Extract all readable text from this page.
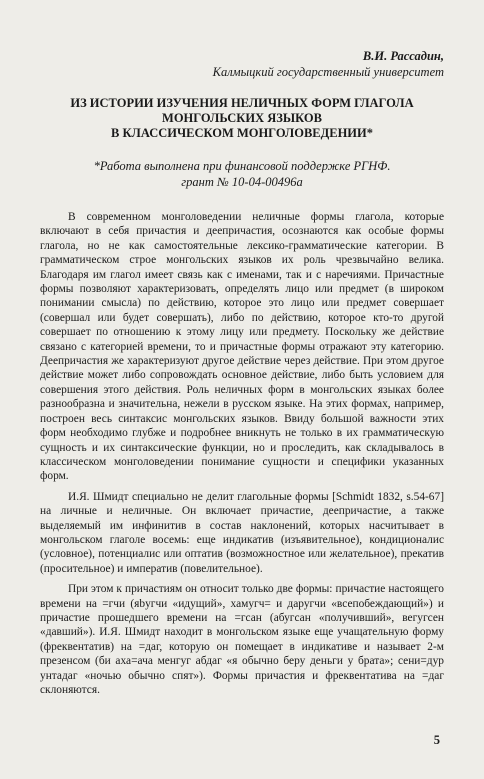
В.И. Рассадин,
Калмыцкий государственный университет
ИЗ ИСТОРИИ ИЗУЧЕНИЯ НЕЛИЧНЫХ ФОРМ ГЛАГОЛА
МОНГОЛЬСКИХ ЯЗЫКОВ
В КЛАССИЧЕСКОМ МОНГОЛОВЕДЕНИИ*
*Работа выполнена при финансовой поддержке РГНФ.
грант № 10-04-00496а

В современном монголоведении неличные формы глагола, которые включают в себя причастия и деепричастия, осознаются как особые формы глагола, но не как самостоятельные лексико-грамматические категории. В грамматическом строе монгольских языков их роль чрезвычайно велика. Благодаря им глагол имеет связь как с именами, так и с наречиями. Причастные формы позволяют характеризовать, определять лицо или предмет (в широком понимании смысла) по действию, которое это лицо или предмет совершает (совершал или будет совершать), либо по действию, которое кто-то другой совершает по отношению к этому лицу или предмету. Поскольку же действие связано с категорией времени, то и причастные формы отражают эту категорию. Деепричастия же характеризуют другое действие через действие. При этом другое действие может либо сопровождать основное действие, либо быть условием для совершения этого действия. Роль неличных форм в монгольских языках более разнообразна и значительна, нежели в русском языке. На этих формах, например, построен весь синтаксис монгольских языков. Ввиду большой важности этих форм необходимо глубже и подробнее вникнуть не только в их грамматическую сущность и их синтаксические функции, но и проследить, как складывалось в классическом монголоведении понимание сущности и специфики указанных форм.

И.Я. Шмидт специально не делит глагольные формы [Schmidt 1832, s.54-67] на личные и неличные. Он включает причастие, деепричастие, а также выделяемый им инфинитив в состав наклонений, которых насчитывает в монгольском глаголе восемь: еще индикатив (изъявительное), кондиционалис (условное), потенциалис или оптатив (возможностное или желательное), прекатив (просительное) и императив (повелительное).

При этом к причастиям он относит только две формы: причастие настоящего времени на =гчи (яbугчи «идущий», хамугч= и даругчи «всепобеждающий») и причастие прошедшего времени на =гсан (абугсан «получивший», вегугсен «давший»). И.Я. Шмидт находит в монгольском языке еще учащательную форму (фреквентатив) на =даг, которую он помещает в индикативе и называет 2-м презенсом (би аха=ача менгуг абдаг «я обычно беру деньги у брата»; сени=дур унтадаг «ночью обычно спят»). Формы причастия и фреквентатива на =даг склоняются.

5
